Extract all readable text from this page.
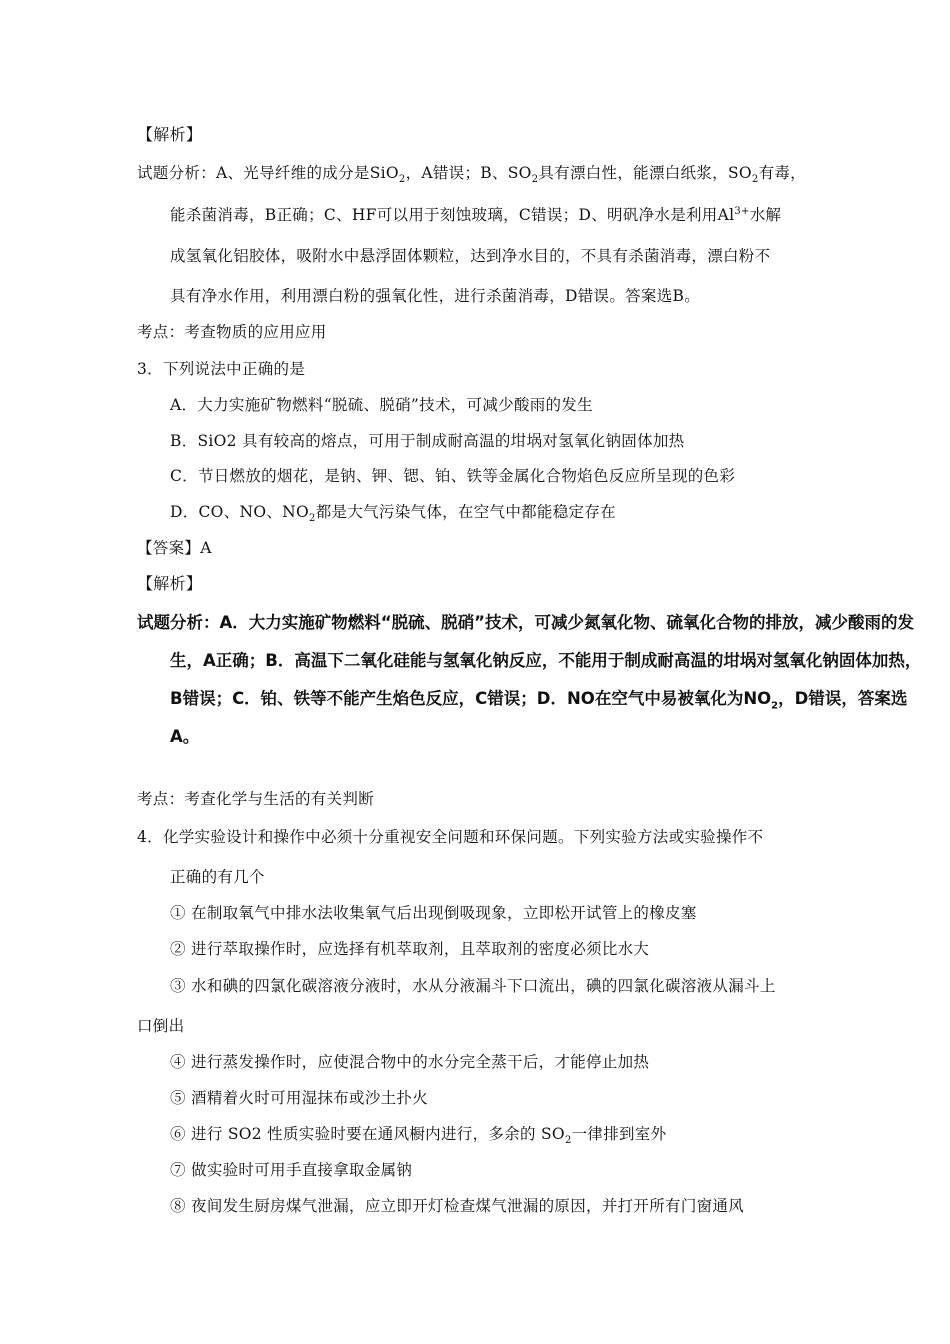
【解析】
试题分析：A、光导纤维的成分是SiO$_2$，A错误；B、$SO_2$具有漂白性，能漂白纸浆，$SO_2$有毒，
能杀菌消毒，B正确；C、HF可以用于刻蚀玻璃，C错误；D、明矾净水是利用$Al^{3+}$水解
成氢氧化铝胶体，吸附水中悬浮固体颗粒，达到净水目的，不具有杀菌消毒，漂白粉不
具有净水作用，利用漂白粉的强氧化性，进行杀菌消毒，D错误。答案选B。
考点：考查物质的应用应用
3．下列说法中正确的是
A．大力实施矿物燃料“脱硫、脱硝”技术，可减少酸雨的发生
B．SiO2 具有较高的熔点，可用于制成耐高温的坩埚对氢氧化钠固体加热
C．节日燃放的烟花，是钠、钾、锶、铂、铁等金属化合物焰色反应所呈现的色彩
D．CO、NO、$NO_2$都是大气污染气体，在空气中都能稳定存在
【答案】A
【解析】
试题分析：A．大力实施矿物燃料“脱硫、脱硝”技术，可减少氮氧化物、硫氧化合物的排放，减少酸雨的发
生，A正确；B．高温下二氧化硅能与氢氧化钠反应，不能用于制成耐高温的坩埚对氢氧化钠固体加热，
B错误；C．铂、铁等不能产生焰色反应，C错误；D．NO在空气中易被氧化为$NO_2$，D错误，答案选
A。
考点：考查化学与生活的有关判断
4．化学实验设计和操作中必须十分重视安全问题和环保问题。下列实验方法或实验操作不
正确的有几个
① 在制取氧气中排水法收集氧气后出现倒吸现象，立即松开试管上的橡皮塞
② 进行萃取操作时，应选择有机萃取剂，且萃取剂的密度必须比水大
③ 水和碘的四氯化碳溶液分液时，水从分液漏斗下口流出，碘的四氯化碳溶液从漏斗上
口倒出
④ 进行蒸发操作时，应使混合物中的水分完全蒸干后，才能停止加热
⑤ 酒精着火时可用湿抹布或沙土扑火
⑥ 进行 SO2 性质实验时要在通风橱内进行，多余的 $SO_2$一律排到室外
⑦ 做实验时可用手直接拿取金属钠
⑧ 夜间发生厨房煤气泄漏，应立即开灯检查煤气泄漏的原因，并打开所有门窗通风
